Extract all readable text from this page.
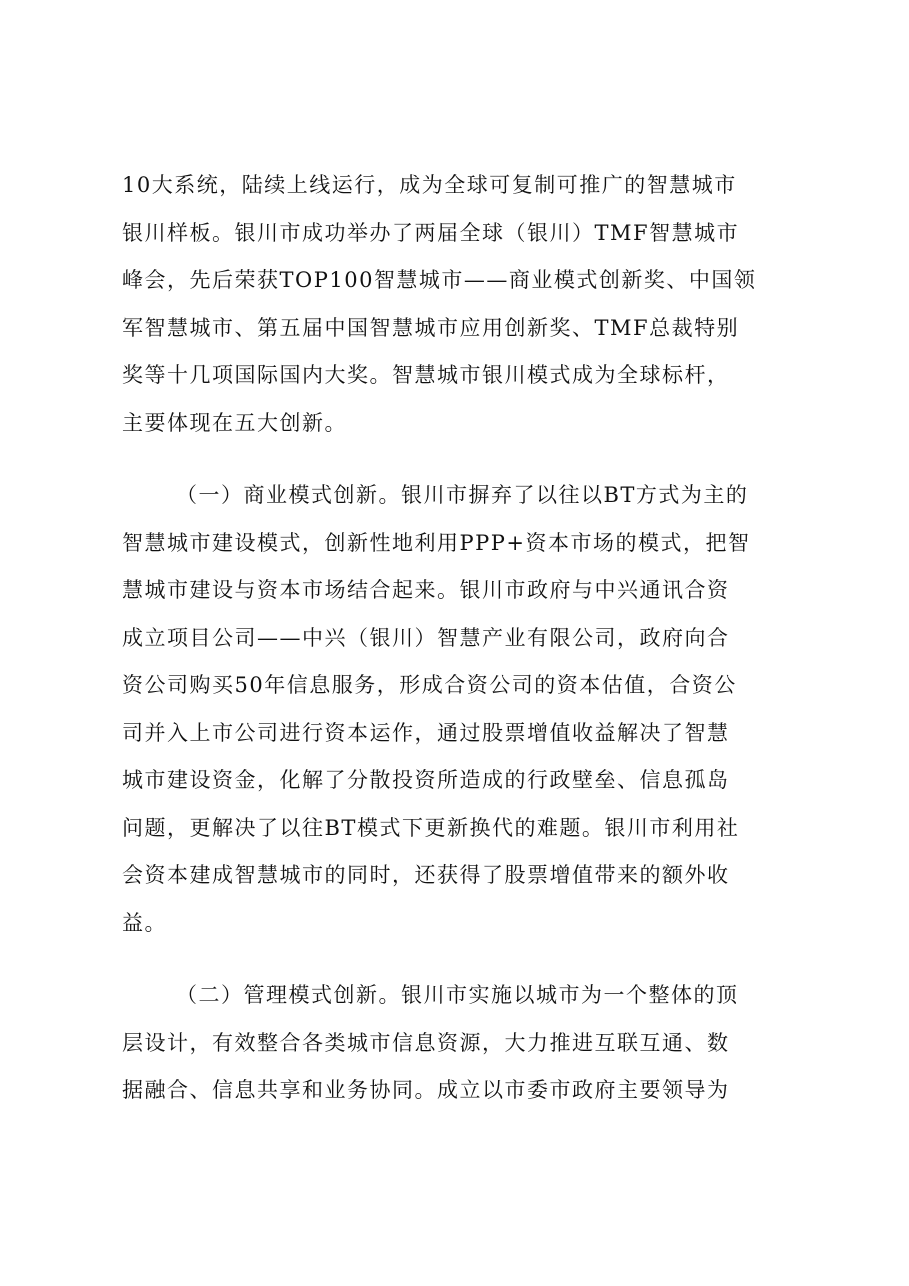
10大系统，陆续上线运行，成为全球可复制可推广的智慧城市
银川样板。银川市成功举办了两届全球（银川）TMF智慧城市
峰会，先后荣获TOP100智慧城市——商业模式创新奖、中国领
军智慧城市、第五届中国智慧城市应用创新奖、TMF总裁特别
奖等十几项国际国内大奖。智慧城市银川模式成为全球标杆，
主要体现在五大创新。
（一）商业模式创新。银川市摒弃了以往以BT方式为主的
智慧城市建设模式，创新性地利用PPP+资本市场的模式，把智
慧城市建设与资本市场结合起来。银川市政府与中兴通讯合资
成立项目公司——中兴（银川）智慧产业有限公司，政府向合
资公司购买50年信息服务，形成合资公司的资本估值，合资公
司并入上市公司进行资本运作，通过股票增值收益解决了智慧
城市建设资金，化解了分散投资所造成的行政壁垒、信息孤岛
问题，更解决了以往BT模式下更新换代的难题。银川市利用社
会资本建成智慧城市的同时，还获得了股票增值带来的额外收
益。
（二）管理模式创新。银川市实施以城市为一个整体的顶
层设计，有效整合各类城市信息资源，大力推进互联互通、数
据融合、信息共享和业务协同。成立以市委市政府主要领导为
